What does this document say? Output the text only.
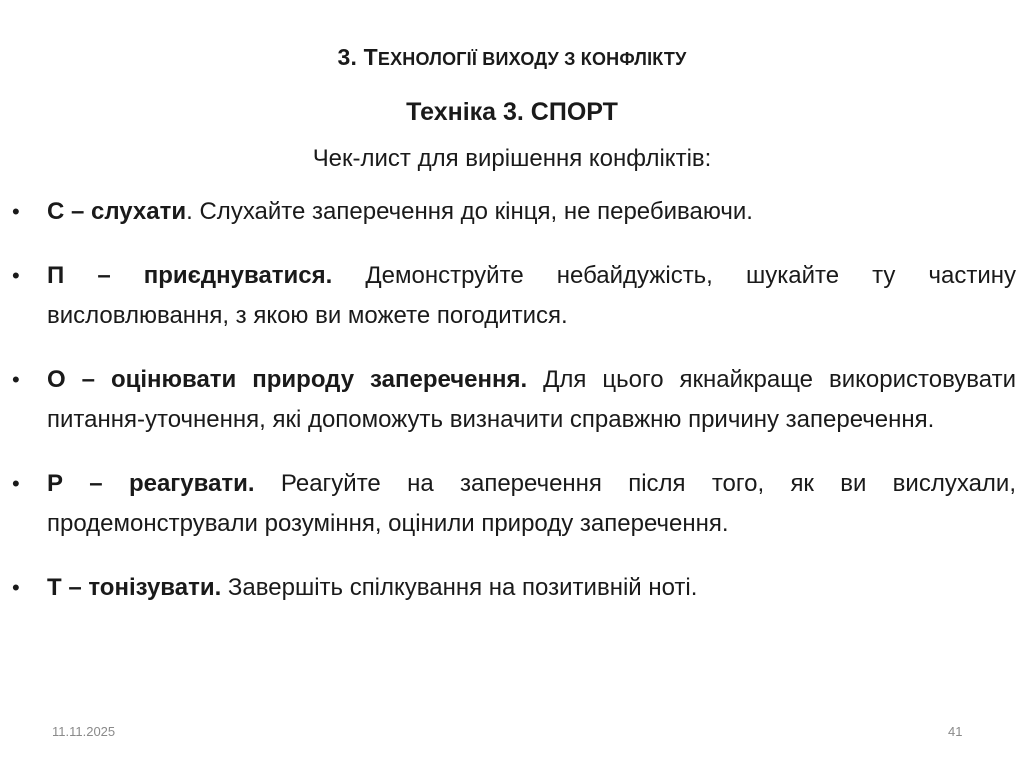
3. ТЕХНОЛОГІЇ ВИХОДУ З КОНФЛІКТУ
Техніка 3. СПОРТ
Чек-лист для вирішення конфліктів:
• С – слухати. Слухайте заперечення до кінця, не перебиваючи.
• П – приєднуватися. Демонструйте небайдужість, шукайте ту частину висловлювання, з якою ви можете погодитися.
• О – оцінювати природу заперечення. Для цього якнайкраще використовувати питання-уточнення, які допоможуть визначити справжню причину заперечення.
• Р – реагувати. Реагуйте на заперечення після того, як ви вислухали, продемонстрували розуміння, оцінили природу заперечення.
• Т – тонізувати. Завершіть спілкування на позитивній ноті.
11.11.2025	41
